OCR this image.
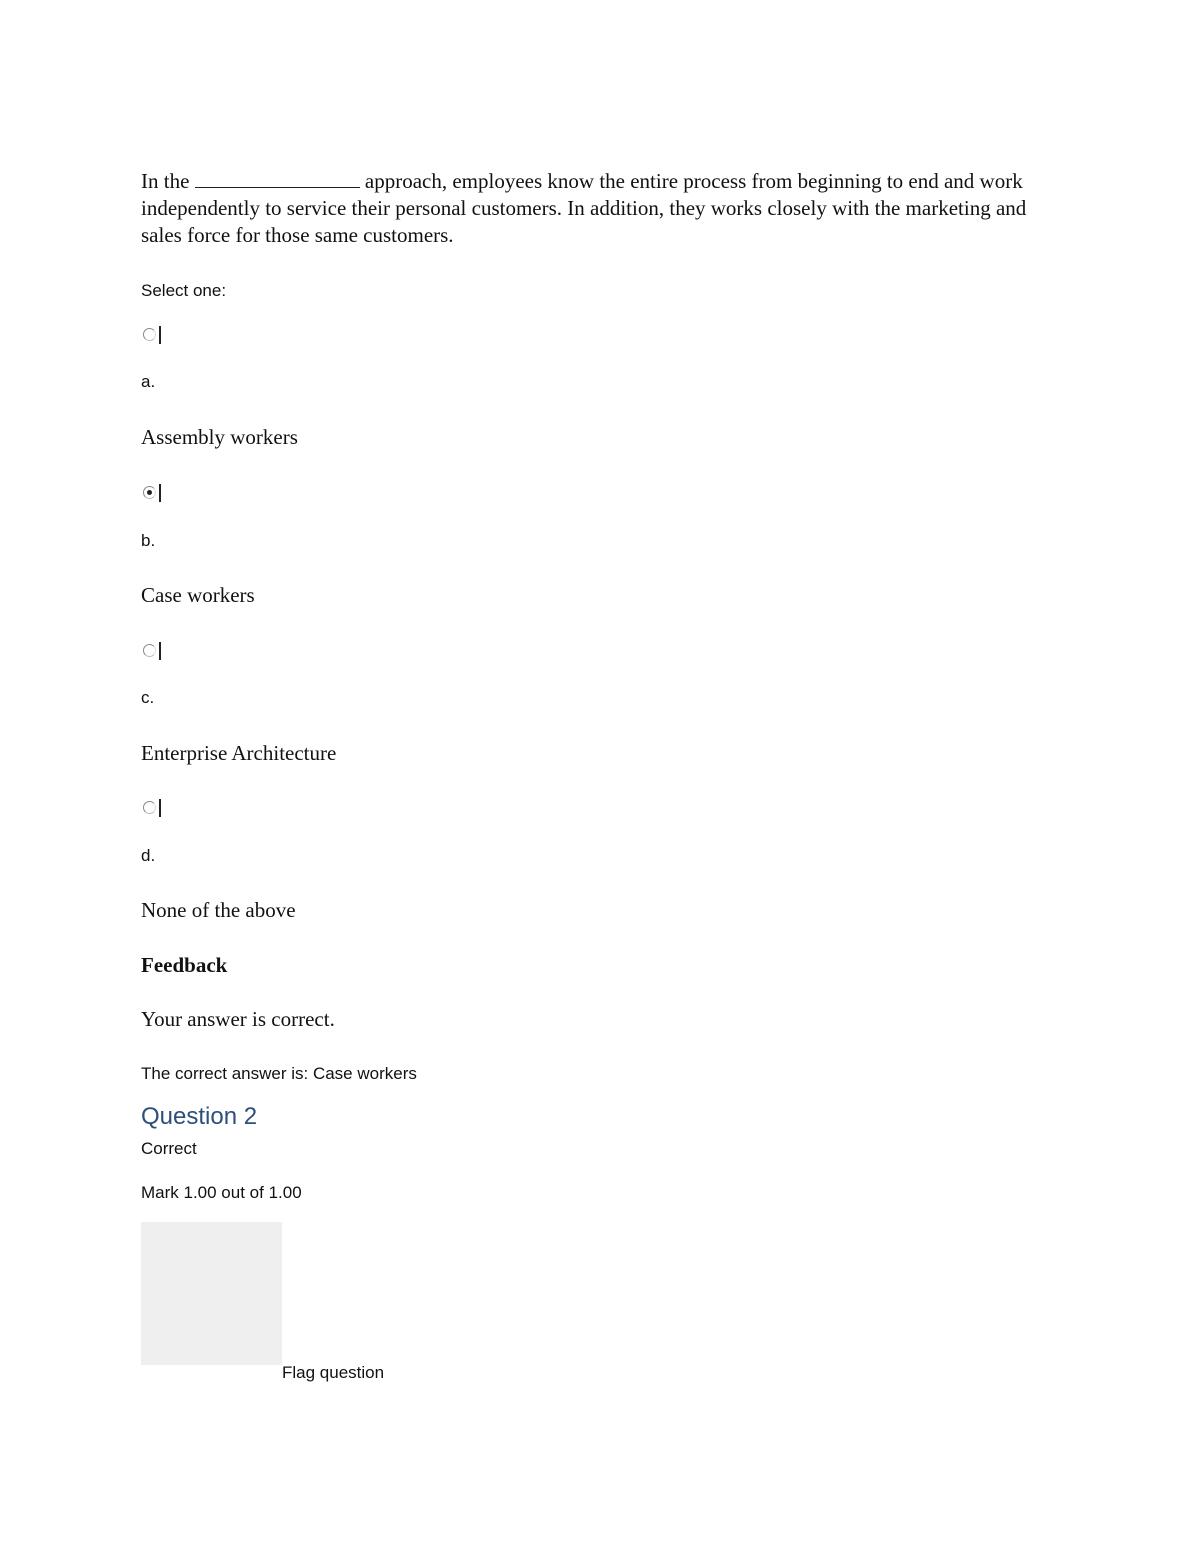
In the	approach, employees know the entire process from beginning to end and work independently to service their personal customers. In addition, they works closely with the marketing and sales force for those same customers.

Select one:

a.

Assembly workers

b.

Case workers

c.

Enterprise Architecture

d.

None of the above

Feedback

Your answer is correct.

The correct answer is: Case workers

Question 2

Correct

Mark 1.00 out of 1.00

Flag question
